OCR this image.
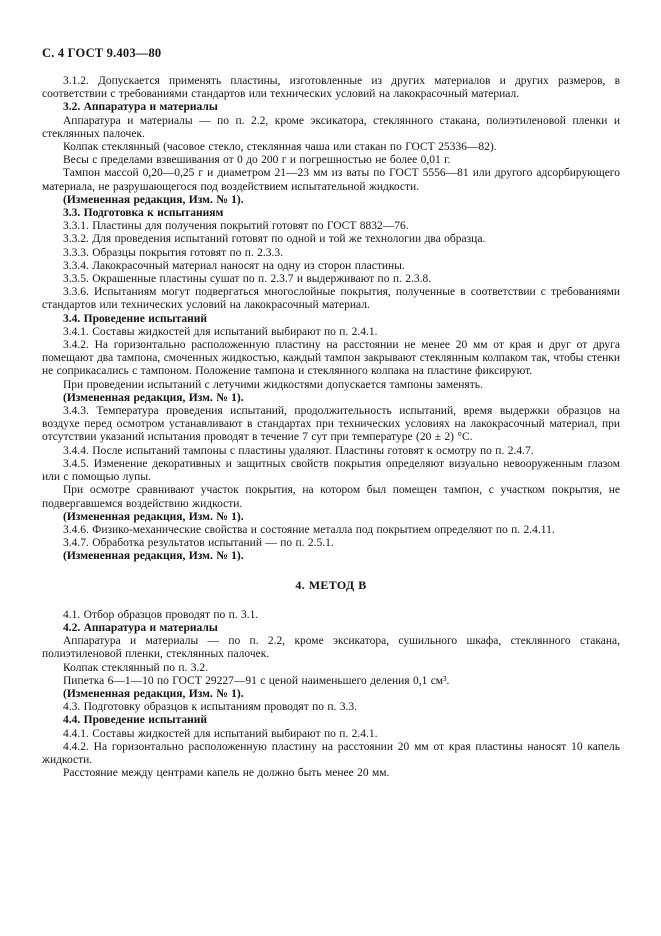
С. 4 ГОСТ 9.403—80

3.1.2. Допускается применять пластины, изготовленные из других материалов и других размеров, в соответствии с требованиями стандартов или технических условий на лакокрасочный материал.

3.2. Аппаратура и материалы

Аппаратура и материалы — по п. 2.2, кроме эксикатора, стеклянного стакана, полиэтиленовой пленки и стеклянных палочек.

Колпак стеклянный (часовое стекло, стеклянная чаша или стакан по ГОСТ 25336—82).

Весы с пределами взвешивания от 0 до 200 г и погрешностью не более 0,01 г.

Тампон массой 0,20—0,25 г и диаметром 21—23 мм из ваты по ГОСТ 5556—81 или другого адсорбирующего материала, не разрушающегося под воздействием испытательной жидкости.

(Измененная редакция, Изм. № 1).

3.3. Подготовка к испытаниям

3.3.1. Пластины для получения покрытий готовят по ГОСТ 8832—76.

3.3.2. Для проведения испытаний готовят по одной и той же технологии два образца.

3.3.3. Образцы покрытия готовят по п. 2.3.3.

3.3.4. Лакокрасочный материал наносят на одну из сторон пластины.

3.3.5. Окрашенные пластины сушат по п. 2.3.7 и выдерживают по п. 2.3.8.

3.3.6. Испытаниям могут подвергаться многослойные покрытия, полученные в соответствии с требованиями стандартов или технических условий на лакокрасочный материал.

3.4. Проведение испытаний

3.4.1. Составы жидкостей для испытаний выбирают по п. 2.4.1.

3.4.2. На горизонтально расположенную пластину на расстоянии не менее 20 мм от края и друг от друга помещают два тампона, смоченных жидкостью, каждый тампон закрывают стеклянным колпаком так, чтобы стенки не соприкасались с тампоном. Положение тампона и стеклянного колпака на пластине фиксируют.

При проведении испытаний с летучими жидкостями допускается тампоны заменять.

(Измененная редакция, Изм. № 1).

3.4.3. Температура проведения испытаний, продолжительность испытаний, время выдержки образцов на воздухе перед осмотром устанавливают в стандартах при технических условиях на лакокрасочный материал, при отсутствии указаний испытания проводят в течение 7 сут при температуре (20 ± 2) °С.

3.4.4. После испытаний тампоны с пластины удаляют. Пластины готовят к осмотру по п. 2.4.7.

3.4.5. Изменение декоративных и защитных свойств покрытия определяют визуально невооруженным глазом или с помощью лупы.

При осмотре сравнивают участок покрытия, на котором был помещен тампон, с участком покрытия, не подвергавшемся воздействию жидкости.

(Измененная редакция, Изм. № 1).

3.4.6. Физико-механические свойства и состояние металла под покрытием определяют по п. 2.4.11.

3.4.7. Обработка результатов испытаний — по п. 2.5.1.

(Измененная редакция, Изм. № 1).

4. МЕТОД В

4.1. Отбор образцов проводят по п. 3.1.

4.2. Аппаратура и материалы

Аппаратура и материалы — по п. 2.2, кроме эксикатора, сушильного шкафа, стеклянного стакана, полиэтиленовой пленки, стеклянных палочек.

Колпак стеклянный по п. 3.2.

Пипетка 6—1—10 по ГОСТ 29227—91 с ценой наименьшего деления 0,1 см³.

(Измененная редакция, Изм. № 1).

4.3. Подготовку образцов к испытаниям проводят по п. 3.3.

4.4. Проведение испытаний

4.4.1. Составы жидкостей для испытаний выбирают по п. 2.4.1.

4.4.2. На горизонтально расположенную пластину на расстоянии 20 мм от края пластины наносят 10 капель жидкости.

Расстояние между центрами капель не должно быть менее 20 мм.
